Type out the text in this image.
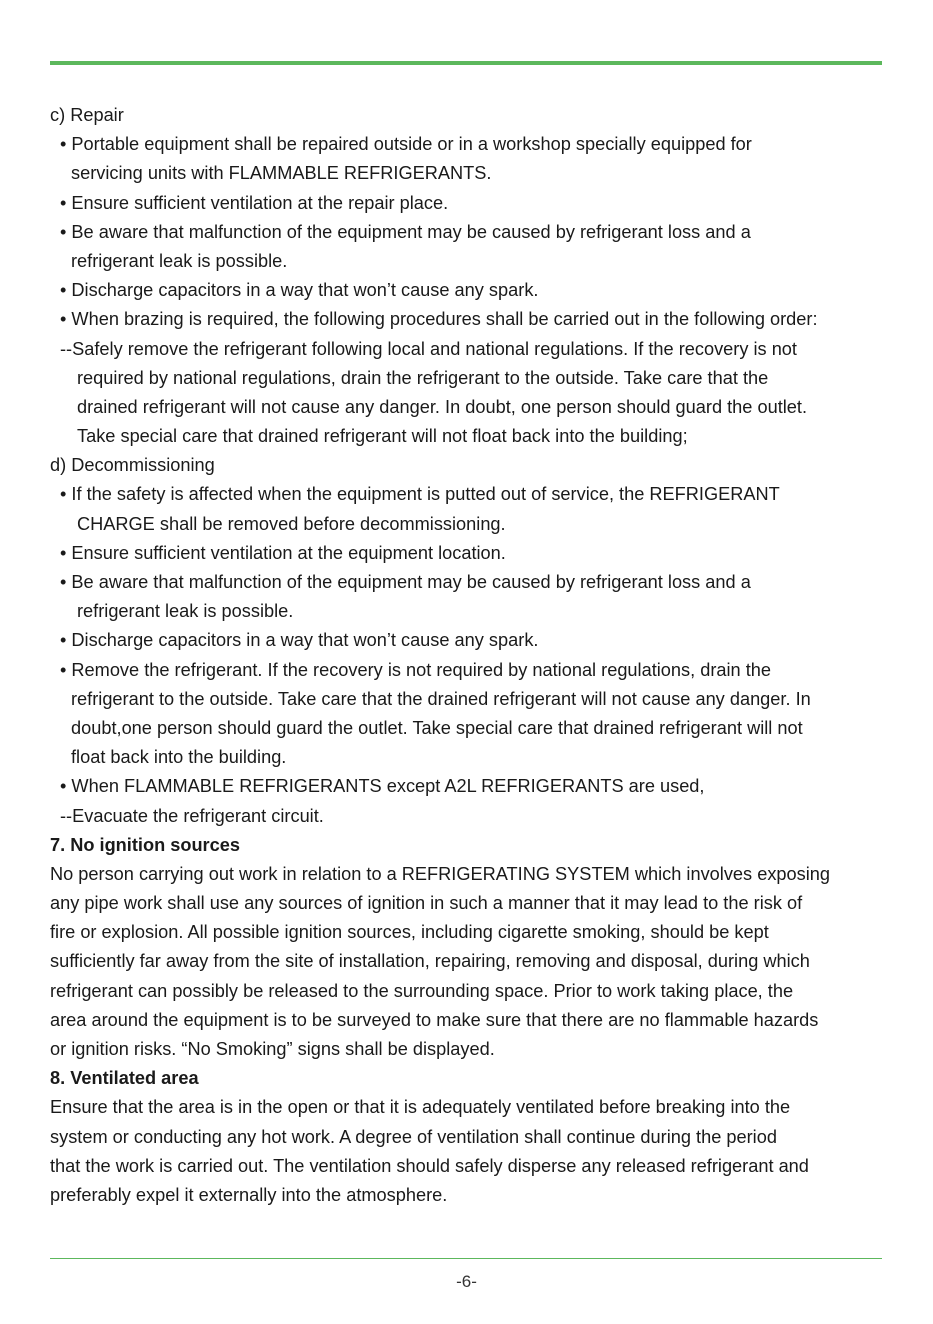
c) Repair
• Portable equipment shall be repaired outside or in a workshop specially equipped for
servicing units with FLAMMABLE REFRIGERANTS.
• Ensure sufficient ventilation at the repair place.
• Be aware that malfunction of the equipment may be caused by refrigerant loss and a
refrigerant leak is possible.
• Discharge capacitors in a way that won’t cause any spark.
• When brazing is required, the following procedures shall be carried out in the following order:
--Safely remove the refrigerant following local and national regulations. If the recovery is not
required by national regulations, drain the refrigerant to the outside. Take care that the
drained refrigerant will not cause any danger. In doubt, one person should guard the outlet.
Take special care that drained refrigerant will not float back into the building;
d) Decommissioning
• If the safety is affected when the equipment is putted out of service, the REFRIGERANT
CHARGE shall be removed before decommissioning.
• Ensure sufficient ventilation at the equipment location.
• Be aware that malfunction of the equipment may be caused by refrigerant loss and a
refrigerant leak is possible.
• Discharge capacitors in a way that won’t cause any spark.
• Remove the refrigerant. If the recovery is not required by national regulations, drain the
refrigerant to the outside. Take care that the drained refrigerant will not cause any danger. In
doubt,one person should guard the outlet. Take special care that drained refrigerant will not
float back into the building.
• When FLAMMABLE REFRIGERANTS except A2L REFRIGERANTS are used,
--Evacuate the refrigerant circuit.
7. No ignition sources
No person carrying out work in relation to a REFRIGERATING SYSTEM which involves exposing
any pipe work shall use any sources of ignition in such a manner that it may lead to the risk of
fire or explosion. All possible ignition sources, including cigarette smoking, should be kept
sufficiently far away from the site of installation, repairing, removing and disposal, during which
refrigerant can possibly be released to the surrounding space. Prior to work taking place, the
area around the equipment is to be surveyed to make sure that there are no flammable hazards
or ignition risks. “No Smoking” signs shall be displayed.
8. Ventilated area
Ensure that the area is in the open or that it is adequately ventilated before breaking into the
system or conducting any hot work. A degree of ventilation shall continue during the period
that the work is carried out. The ventilation should safely disperse any released refrigerant and
preferably expel it externally into the atmosphere.
-6-
